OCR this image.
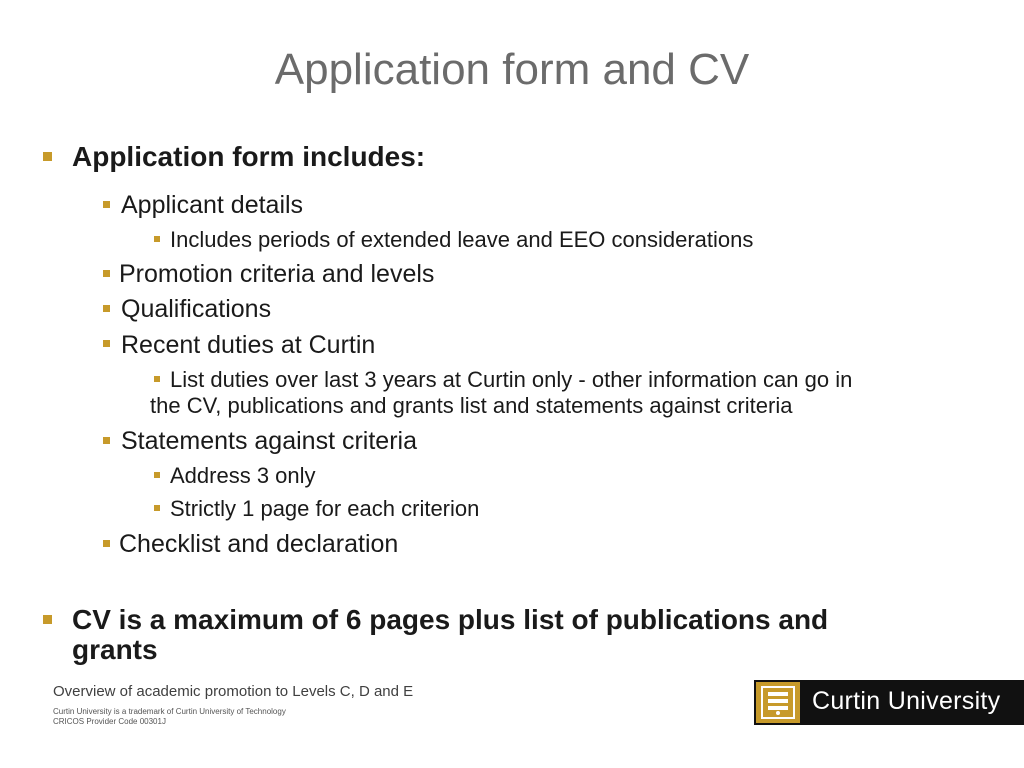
Application form and CV
Application form includes:
Applicant details
Includes periods of extended leave and EEO considerations
Promotion criteria and levels
Qualifications
Recent duties at Curtin
List duties over last 3 years at Curtin only - other information can go in
the CV, publications and grants list and statements against criteria
Statements against criteria
Address 3 only
Strictly 1 page for each criterion
Checklist and declaration
CV is a maximum of 6 pages plus list of publications and
grants
Overview of academic promotion to Levels C, D and E
Curtin University is a trademark of Curtin University of Technology
CRICOS Provider Code 00301J
Curtin University
